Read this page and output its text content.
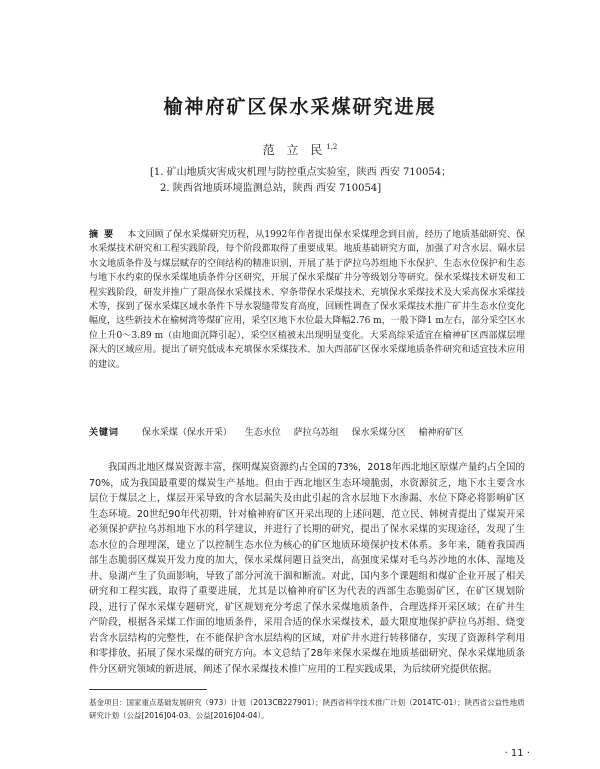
榆神府矿区保水采煤研究进展
范 立 民$^{1,2}$
[1. 矿山地质灾害成灾机理与防控重点实验室，陕西 西安 710054；
2. 陕西省地质环境监测总站，陕西 西安 710054]
摘要 本文回顾了保水采煤研究历程，从1992年作者提出保水采煤理念到目前，经历了地质基础研究、保水采煤技术研究和工程实践阶段，每个阶段都取得了重要成果。地质基础研究方面，加强了对含水层、隔水层水文地质条件及与煤层赋存的空间结构的精准识别，开展了基于萨拉乌苏组地下水保护、生态水位保护和生态与地下水约束的保水采煤地质条件分区研究，开展了保水采煤矿井分等级划分等研究。保水采煤技术研发和工程实践阶段，研发并推广了限高保水采煤技术、窄条带保水采煤技术、充填保水采煤技术及大采高保水采煤技术等，探到了保水采煤区域水条件下导水裂缝带发育高度，回顾性调查了保水采煤技术推广矿井生态水位变化幅度，这些新技术在榆树湾等煤矿应用，采空区地下水位最大降幅2.76 m，一般下降1 m左右，部分采空区水位上升0～3.89 m（由地面沉降引起），采空区植被未出现明显变化。大采高综采适宜在榆神矿区西部煤层埋深大的区域应用。提出了研究低成本充填保水采煤技术、加大西部矿区保水采煤地质条件研究和适宜技术应用的建议。
关键词	保水采煤（保水开采） 生态水位 萨拉乌苏组 保水采煤分区 榆神府矿区
我国西北地区煤炭资源丰富，探明煤炭资源约占全国的73%，2018年西北地区原煤产量约占全国的70%，成为我国最重要的煤炭生产基地。但由于西北地区生态环境脆弱，水资源贫乏，地下水主要含水层位于煤层之上，煤层开采导致的含水层漏失及由此引起的含水层地下水渗漏、水位下降必将影响矿区生态环境。20世纪90年代初期，针对榆神府矿区开采出现的上述问题，范立民、韩树青提出了煤炭开采必须保护萨拉乌苏组地下水的科学建议，并进行了长期的研究，提出了保水采煤的实现途径，发现了生态水位的合理埋深，建立了以控制生态水位为核心的矿区地质环境保护技术体系。多年来，随着我国西部生态脆弱区煤炭开发力度的加大，保水采煤问题日益突出，高强度采煤对毛乌苏沙地的水体、湿地及井、泉湖产生了负面影响，导致了部分河流干涸和断流。对此，国内多个课题组和煤矿企业开展了相关研究和工程实践，取得了重要进展，尤其是以榆神府矿区为代表的西部生态脆弱矿区，在矿区规划阶段，进行了保水采煤专题研究，矿区规划充分考虑了保水采煤地质条件，合理选择开采区域；在矿井生产阶段，根据各采煤工作面的地质条件，采用合适的保水采煤技术，最大限度地保护萨拉乌苏组、烧变岩含水层结构的完整性，在不能保护含水层结构的区域，对矿井水进行转移储存，实现了资源科学利用和零排放，拓展了保水采煤的研究方向。本文总结了28年来保水采煤在地质基础研究、保水采煤地质条件分区研究领域的新进展，阐述了保水采煤技术推广应用的工程实践成果，为后续研究提供依据。
基金项目：国家重点基础发展研究（973）计划（2013CB227901）；陕西省科学技术推广计划（2014TC-01）；陕西省公益性地质研究计划（公益[2016]04-03、公益[2016]04-04）。
· 11 ·
